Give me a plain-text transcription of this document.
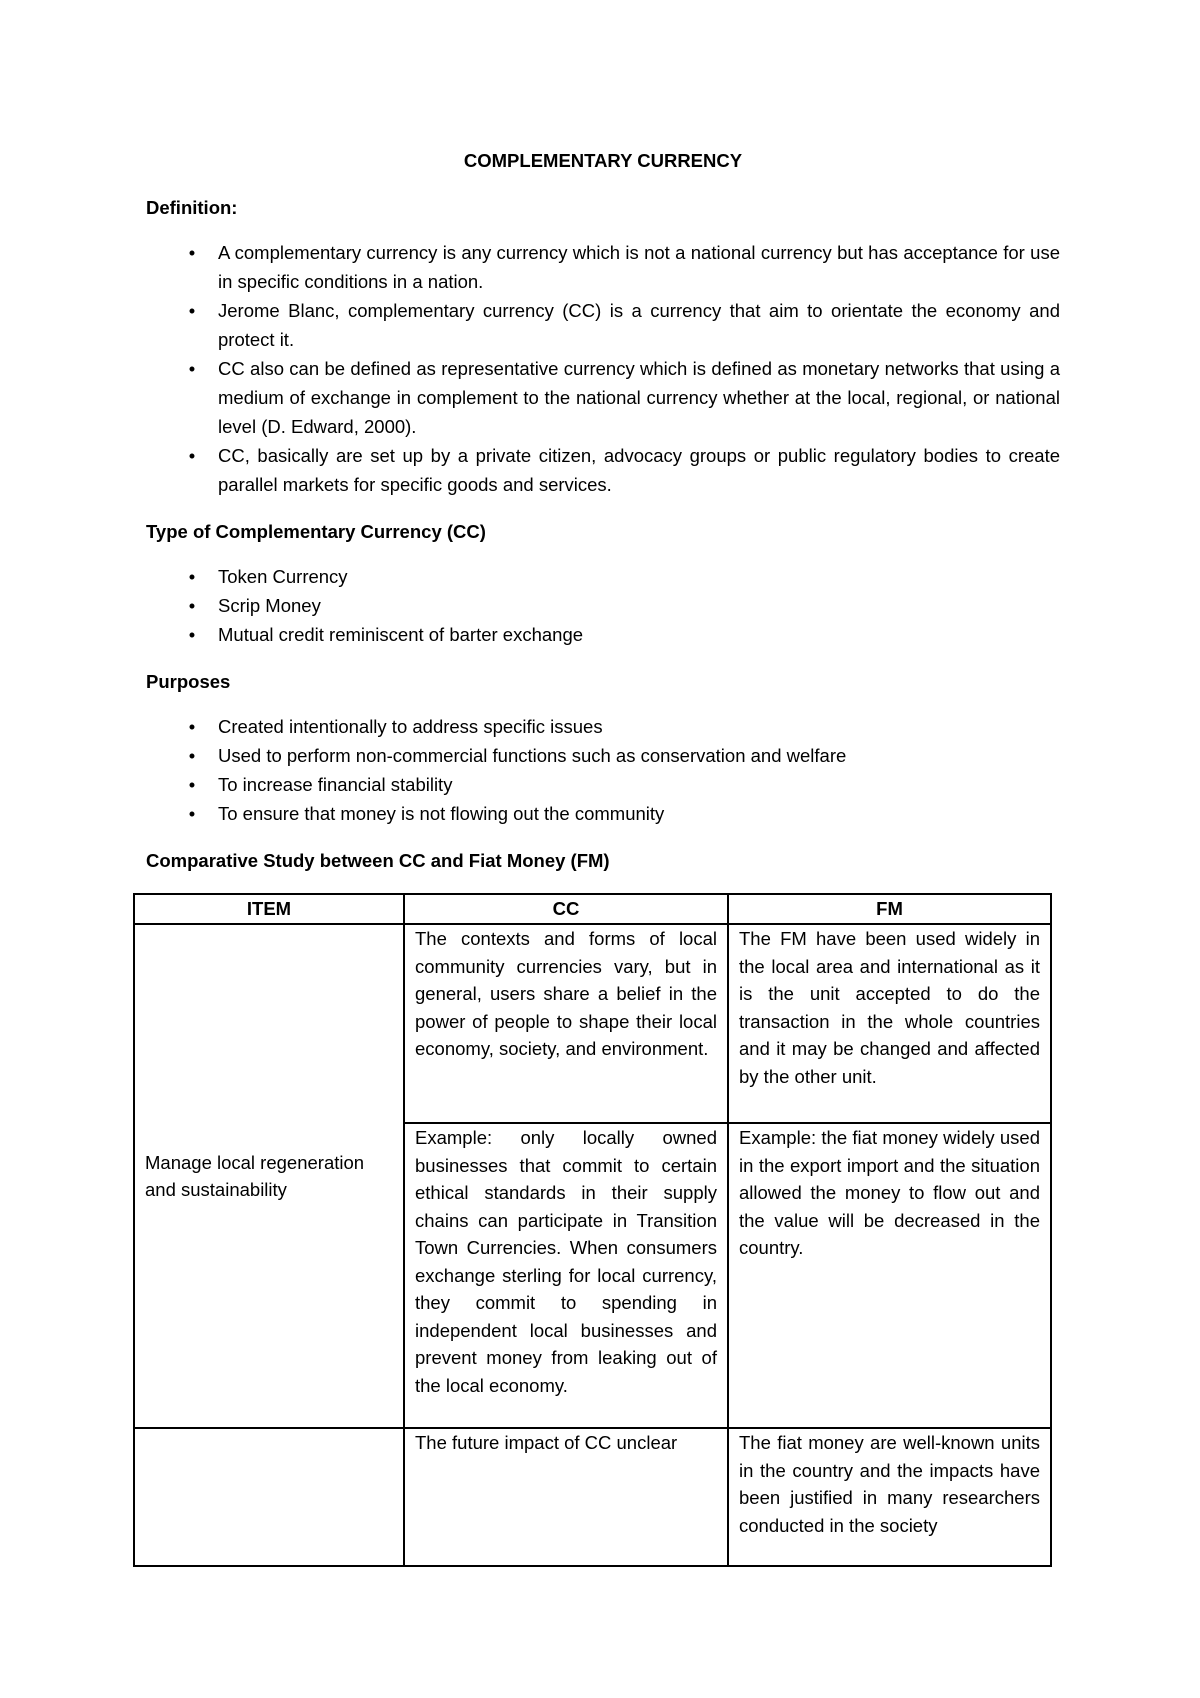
COMPLEMENTARY CURRENCY
Definition:
•	A complementary currency is any currency which is not a national currency but has acceptance for use in specific conditions in a nation.
•	Jerome Blanc, complementary currency (CC) is a currency that aim to orientate the economy and protect it.
•	CC also can be defined as representative currency which is defined as monetary networks that using a medium of exchange in complement to the national currency whether at the local, regional, or national level (D. Edward, 2000).
•	CC, basically are set up by a private citizen, advocacy groups or public regulatory bodies to create parallel markets for specific goods and services.
Type of Complementary Currency (CC)
•	Token Currency
•	Scrip Money
•	Mutual credit reminiscent of barter exchange
Purposes
•	Created intentionally to address specific issues
•	Used to perform non-commercial functions such as conservation and welfare
•	To increase financial stability
•	To ensure that money is not flowing out the community
Comparative Study between CC and Fiat Money (FM)
ITEM	CC	FM
Manage local regeneration and sustainability	The contexts and forms of local community currencies vary, but in general, users share a belief in the power of people to shape their local economy, society, and environment.	The FM have been used widely in the local area and international as it is the unit accepted to do the transaction in the whole countries and it may be changed and affected by the other unit.
	Example: only locally owned businesses that commit to certain ethical standards in their supply chains can participate in Transition Town Currencies. When consumers exchange sterling for local currency, they commit to spending in independent local businesses and prevent money from leaking out of the local economy.	Example: the fiat money widely used in the export import and the situation allowed the money to flow out and the value will be decreased in the country.
	The future impact of CC unclear	The fiat money are well-known units in the country and the impacts have been justified in many researchers conducted in the society
